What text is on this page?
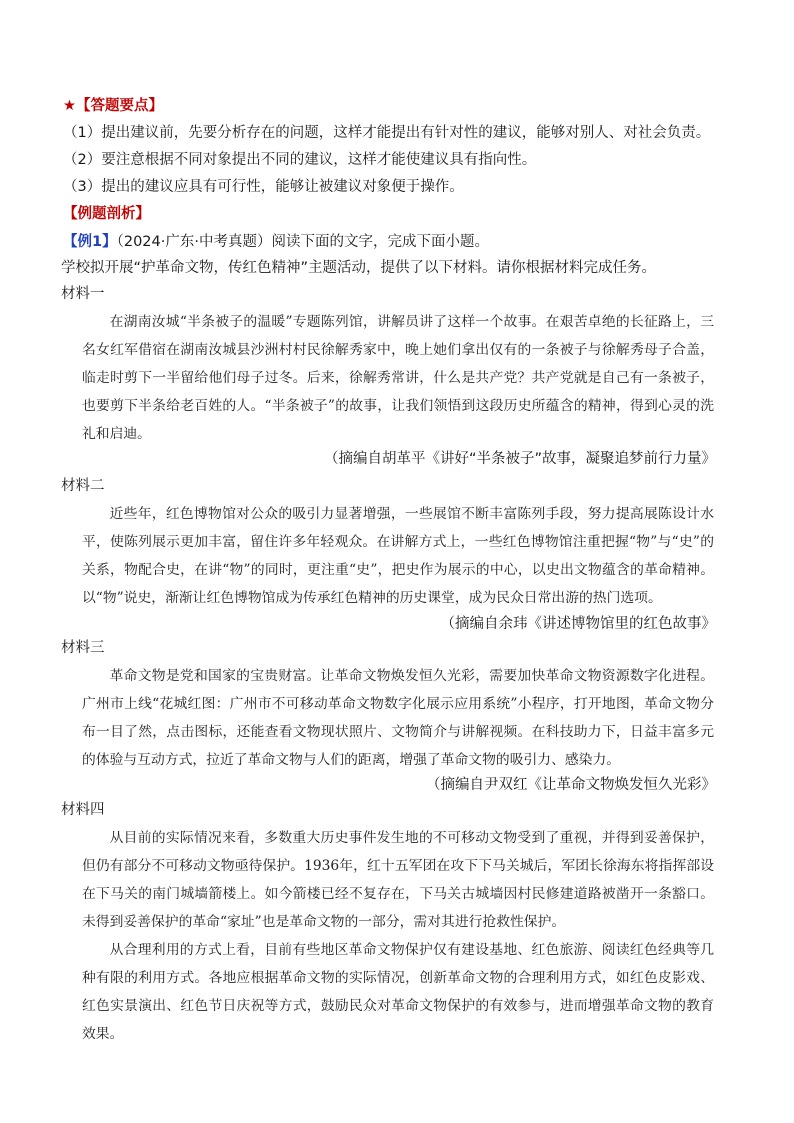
★【答题要点】
（1）提出建议前，先要分析存在的问题，这样才能提出有针对性的建议，能够对别人、对社会负责。
（2）要注意根据不同对象提出不同的建议，这样才能使建议具有指向性。
（3）提出的建议应具有可行性，能够让被建议对象便于操作。
【例题剖析】
【例1】（2024·广东·中考真题）阅读下面的文字，完成下面小题。
学校拟开展“护革命文物，传红色精神”主题活动，提供了以下材料。请你根据材料完成任务。
材料一
在湖南汝城“半条被子的温暖”专题陈列馆，讲解员讲了这样一个故事。在艰苦卓绝的长征路上，三名女红军借宿在湖南汝城县沙洲村村民徐解秀家中，晚上她们拿出仅有的一条被子与徐解秀母子合盖，临走时剪下一半留给他们母子过冬。后来，徐解秀常讲，什么是共产党？共产党就是自己有一条被子，也要剪下半条给老百姓的人。“半条被子”的故事，让我们领悟到这段历史所蕴含的精神，得到心灵的洗礼和启迪。
（摘编自胡革平《讲好“半条被子”故事，凝聚追梦前行力量》
材料二
近些年，红色博物馆对公众的吸引力显著增强，一些展馆不断丰富陈列手段，努力提高展陈设计水平，使陈列展示更加丰富，留住许多年轻观众。在讲解方式上，一些红色博物馆注重把握“物”与“史”的关系，物配合史，在讲“物”的同时，更注重“史”，把史作为展示的中心，以史出文物蕴含的革命精神。以“物”说史，渐渐让红色博物馆成为传承红色精神的历史课堂，成为民众日常出游的热门选项。
（摘编自余玮《讲述博物馆里的红色故事》
材料三
革命文物是党和国家的宝贵财富。让革命文物焕发恒久光彩，需要加快革命文物资源数字化进程。广州市上线“花城红图：广州市不可移动革命文物数字化展示应用系统”小程序，打开地图，革命文物分布一目了然，点击图标，还能查看文物现状照片、文物简介与讲解视频。在科技助力下，日益丰富多元的体验与互动方式，拉近了革命文物与人们的距离，增强了革命文物的吸引力、感染力。
（摘编自尹双红《让革命文物焕发恒久光彩》
材料四
从目前的实际情况来看，多数重大历史事件发生地的不可移动文物受到了重视，并得到妥善保护，但仍有部分不可移动文物亟待保护。1936年，红十五军团在攻下下马关城后，军团长徐海东将指挥部设在下马关的南门城墙箭楼上。如今箭楼已经不复存在，下马关古城墙因村民修建道路被凿开一条豁口。未得到妥善保护的革命“家址”也是革命文物的一部分，需对其进行抢救性保护。
从合理利用的方式上看，目前有些地区革命文物保护仅有建设基地、红色旅游、阅读红色经典等几种有限的利用方式。各地应根据革命文物的实际情况，创新革命文物的合理利用方式，如红色皮影戏、红色实景演出、红色节日庆祝等方式，鼓励民众对革命文物保护的有效参与，进而增强革命文物的教育效果。
